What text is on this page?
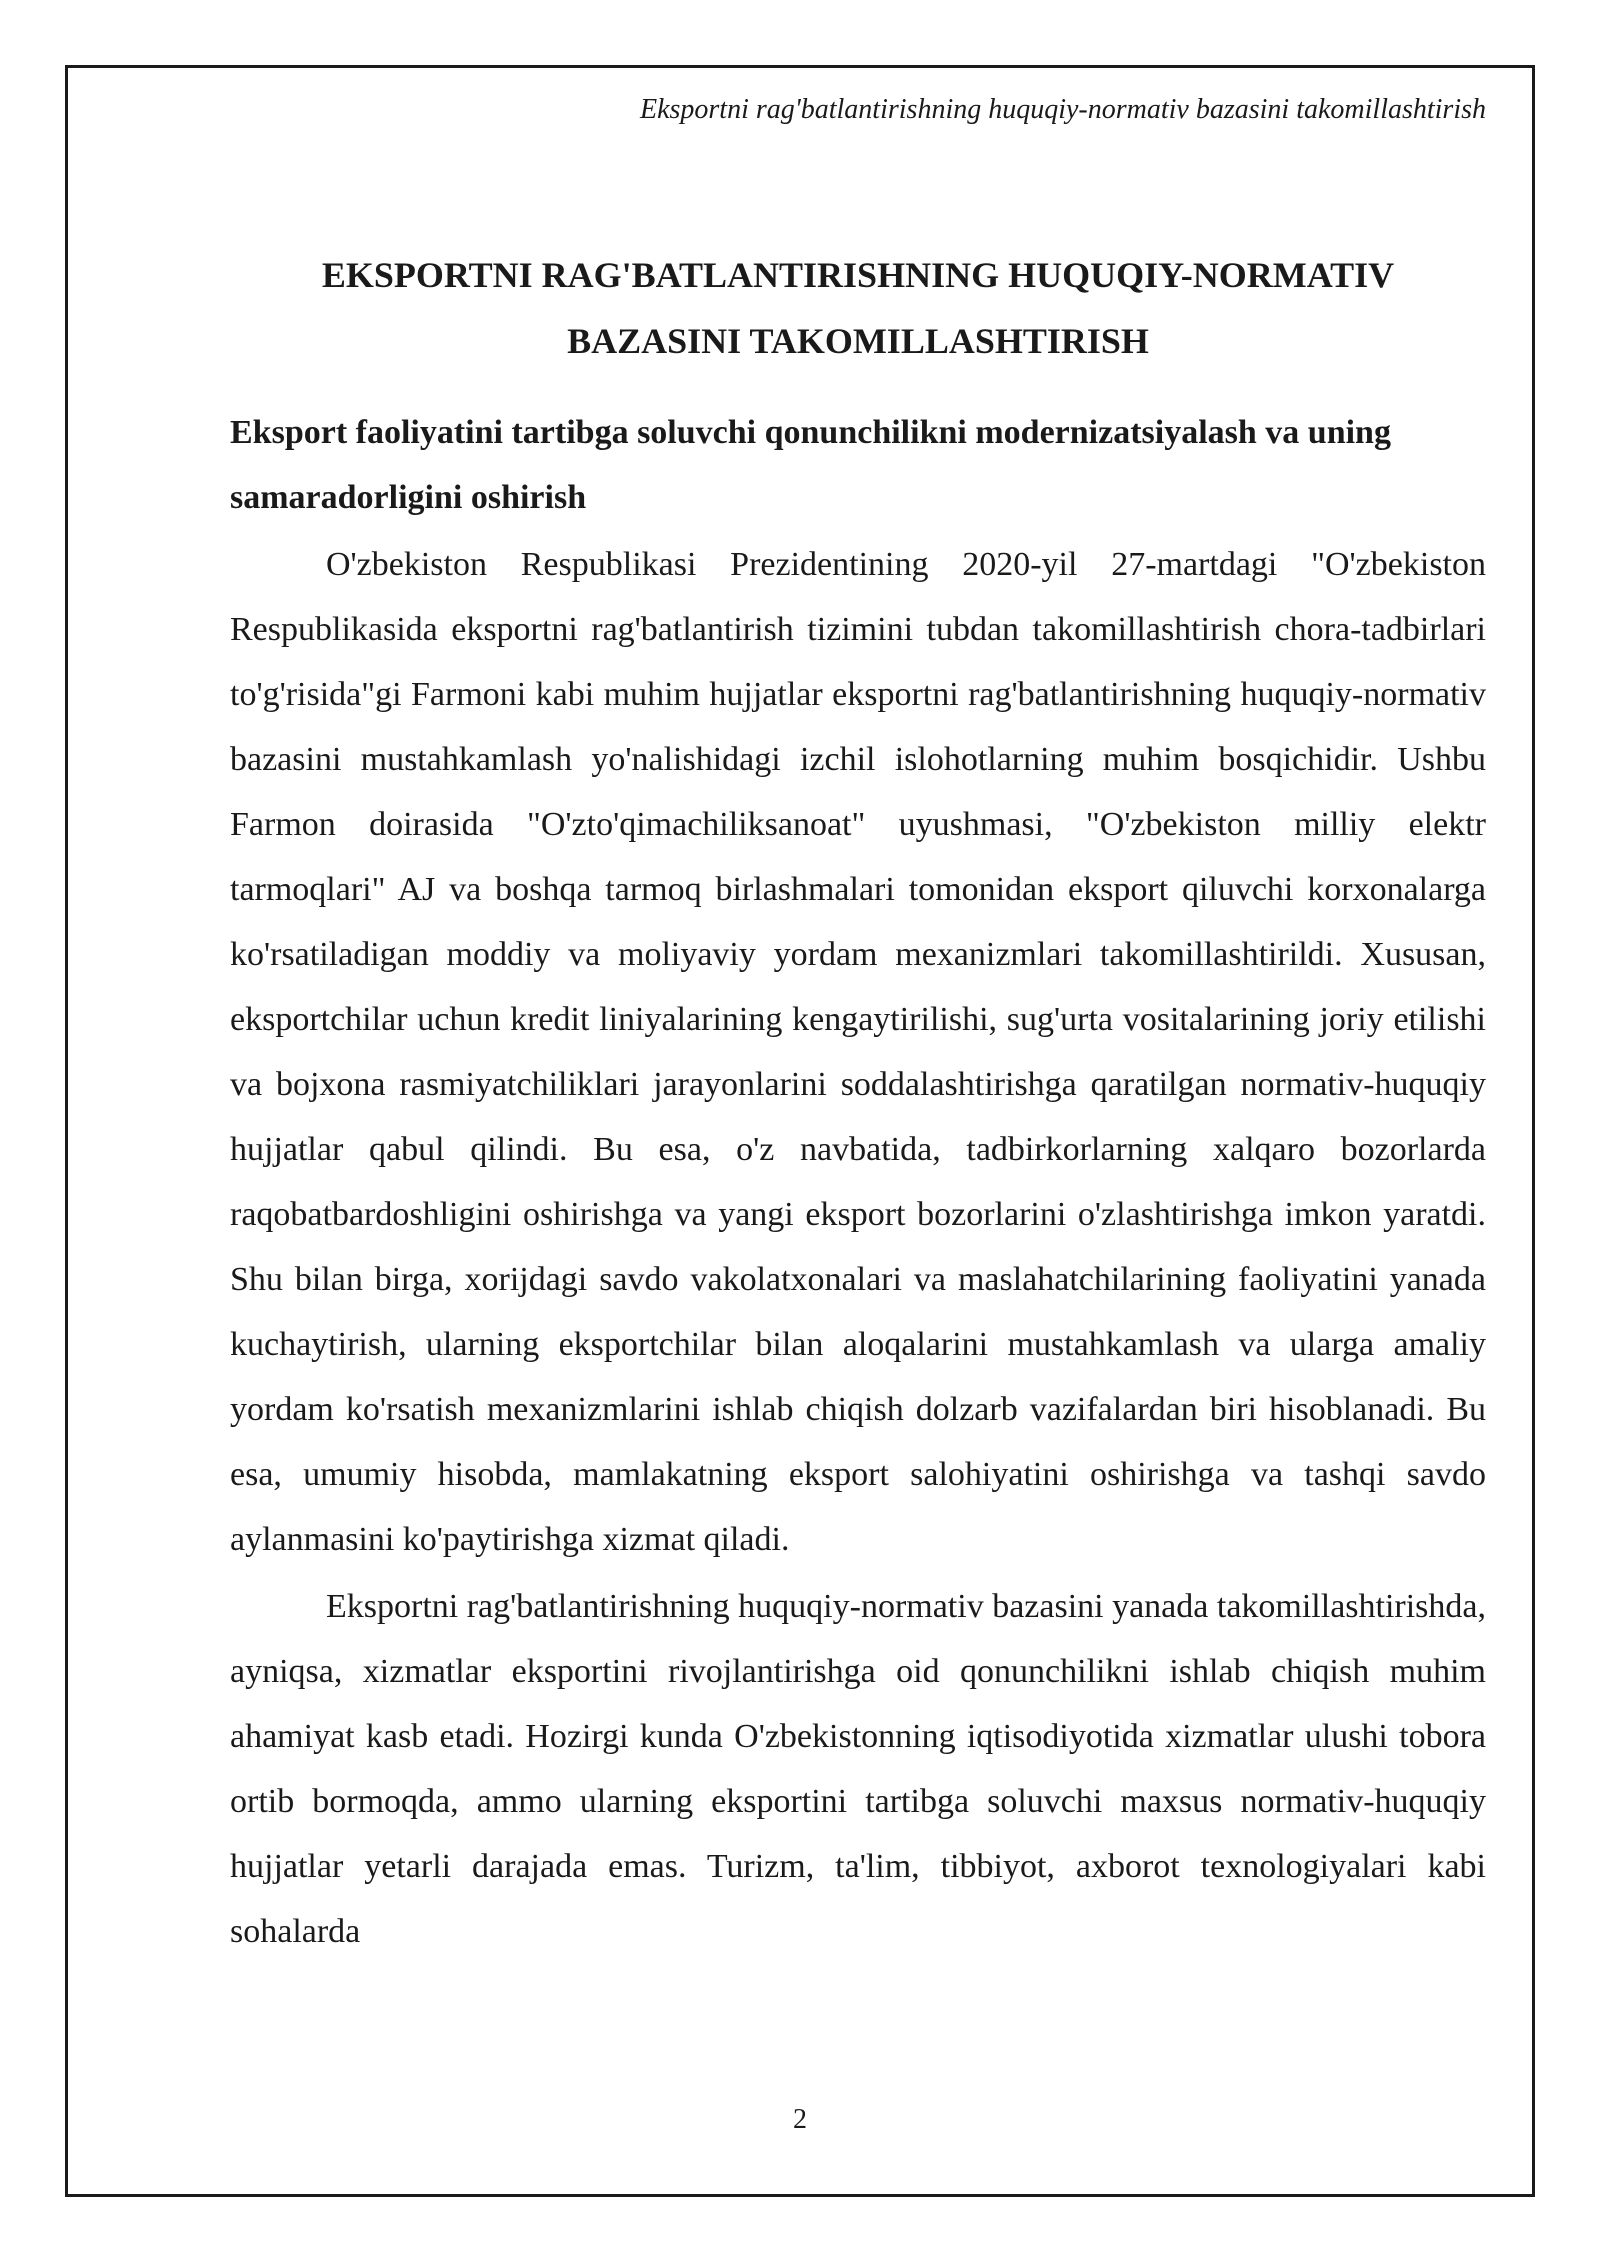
Eksportni rag'batlantirishning huquqiy-normativ bazasini takomillashtirish

EKSPORTNI RAG'BATLANTIRISHNING HUQUQIY-NORMATIV BAZASINI TAKOMILLASHTIRISH
Eksport faoliyatini tartibga soluvchi qonunchilikni modernizatsiyalash va uning samaradorligini oshirish

O'zbekiston Respublikasi Prezidentining 2020-yil 27-martdagi "O'zbekiston Respublikasida eksportni rag'batlantirish tizimini tubdan takomillashtirish chora-tadbirlari to'g'risida"gi Farmoni kabi muhim hujjatlar eksportni rag'batlantirishning huquqiy-normativ bazasini mustahkamlash yo'nalishidagi izchil islohotlarning muhim bosqichidir. Ushbu Farmon doirasida "O'zto'qimachiliksanoat" uyushmasi, "O'zbekiston milliy elektr tarmoqlari" AJ va boshqa tarmoq birlashmalari tomonidan eksport qiluvchi korxonalarga ko'rsatiladigan moddiy va moliyaviy yordam mexanizmlari takomillashtirildi. Xususan, eksportchilar uchun kredit liniyalarining kengaytirilishi, sug'urta vositalarining joriy etilishi va bojxona rasmiyatchiliklari jarayonlarini soddalashtirishga qaratilgan normativ-huquqiy hujjatlar qabul qilindi. Bu esa, o'z navbatida, tadbirkorlarning xalqaro bozorlarda raqobatbardoshligini oshirishga va yangi eksport bozorlarini o'zlashtirishga imkon yaratdi. Shu bilan birga, xorijdagi savdo vakolatxonalari va maslahatchilarining faoliyatini yanada kuchaytirish, ularning eksportchilar bilan aloqalarini mustahkamlash va ularga amaliy yordam ko'rsatish mexanizmlarini ishlab chiqish dolzarb vazifalardan biri hisoblanadi. Bu esa, umumiy hisobda, mamlakatning eksport salohiyatini oshirishga va tashqi savdo aylanmasini ko'paytirishga xizmat qiladi.

Eksportni rag'batlantirishning huquqiy-normativ bazasini yanada takomillashtirishda, ayniqsa, xizmatlar eksportini rivojlantirishga oid qonunchilikni ishlab chiqish muhim ahamiyat kasb etadi. Hozirgi kunda O'zbekistonning iqtisodiyotida xizmatlar ulushi tobora ortib bormoqda, ammo ularning eksportini tartibga soluvchi maxsus normativ-huquqiy hujjatlar yetarli darajada emas. Turizm, ta'lim, tibbiyot, axborot texnologiyalari kabi sohalarda

2
